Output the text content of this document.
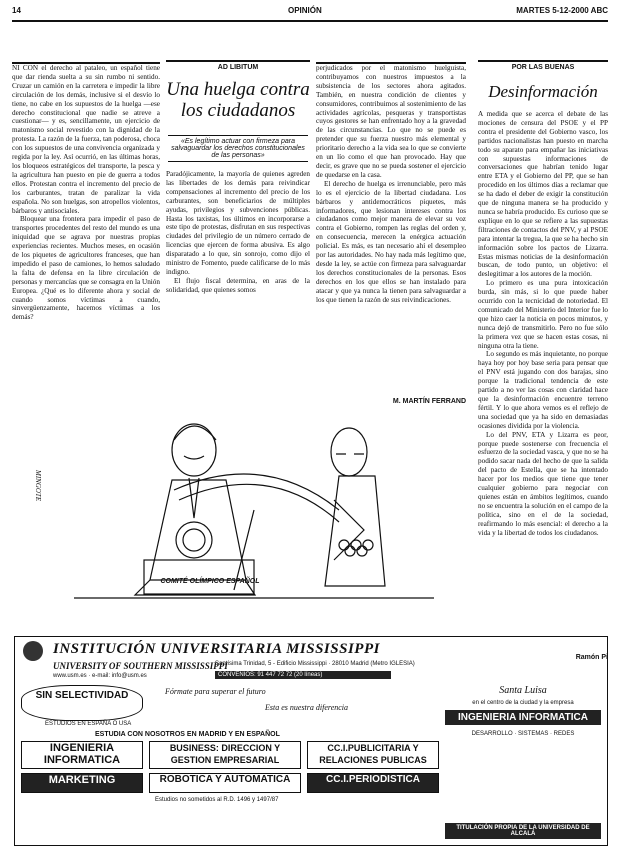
14	OPINIÓN	MARTES 5-12-2000 ABC

NI CON el derecho al pataleo, un español tiene que dar rienda suelta a su sin rumbo ni sentido. Cruzar un camión en la carretera e impedir la libre circulación de los demás, inclusive si el desvío lo tiene, no cabe en los supuestos de la huelga —ese derecho constitucional que nadie se atreve a cuestionar— y es, sencillamente, un ejercicio de matonismo social revestido con la dignidad de la protesta. La razón de la fuerza, tan poderosa, choca con los supuestos de una convivencia organizada y regida por la ley. Así ocurrió, en las últimas horas, los bloqueos estratégicos del transporte, la pesca y la agricultura han puesto en pie de guerra a todos ellos. Protestan contra el incremento del precio de los carburantes, tratan de paralizar la vida española. No son huelgas, son atropellos violentos, bárbaros y antisociales.

Bloquear una frontera para impedir el paso de transportes procedentes del resto del mundo es una iniquidad que se agrava por nuestras propias experiencias recientes. Muchos meses, en ocasión de los piquetes de agricultores franceses, que han impedido el paso de camiones, lo hemos saludado la falta de defensa en la libre circulación de personas y mercancías que se consagra en la Unión Europea. ¿Qué es lo diferente ahora y social de cuando somos víctimas a cuando, sinvergüenzamente, hacemos víctimas a los demás?

AD LIBITUM
Una huelga contra los ciudadanos
«Es legítimo actuar con firmeza para salvaguardar los derechos constitucionales de las personas»

Paradójicamente, la mayoría de quienes agreden las libertades de los demás para reivindicar compensaciones al incremento del precio de los carburantes, son beneficiarios de múltiples ayudas, privilegios y subvenciones públicas. Hasta los taxistas, los últimos en incorporarse a este tipo de protestas, disfrutan en sus respectivas ciudades del privilegio de un número cerrado de licencias que ejercen de forma abusiva. Es algo disparatado a lo que, sin sonrojo, como dijo el ministro de Fomento, puede calificarse de lo más indigno.

El flujo fiscal determina, en aras de la solidaridad, que quienes somos

perjudicados por el matonismo huelguista, contribuyamos con nuestros impuestos a la subsistencia de los sectores ahora agitados. También, en nuestra condición de clientes y consumidores, contribuimos al sostenimiento de las actividades agrícolas, pesqueras y transportistas cuyos gestores se han enfrentado hoy a la gravedad de las circunstancias. Lo que no se puede es pretender que su fuerza nuestro más elemental y prioritario derecho a la vida sea lo que se convierte en un lío como el que han provocado. Hay que decir, es grave que no se pueda sostener el ejercicio de quedarse en la casa.

El derecho de huelga es irrenunciable, pero más lo es el ejercicio de la libertad ciudadana. Los bárbaros y antidemocráticos piquetes, más informadores, que lesionan intereses contra los ciudadanos como mejor manera de elevar su voz contra el Gobierno, rompen las reglas del orden y, en consecuencia, merecen la enérgica actuación policial. Es más, es tan necesario ahí el desempleo por las autoridades. No hay nada más legítimo que, desde la ley, se actúe con firmeza para salvaguardar los derechos constitucionales de la personas. Esos derechos en los que ellos se han instalado para atacar y que ya nunca la tienen para salvaguardar a los que tienen la razón de sus reivindicaciones.

M. MARTÍN FERRAND
POR LAS BUENAS
Desinformación

A medida que se acerca el debate de las mociones de censura del PSOE y el PP contra el presidente del Gobierno vasco, los partidos nacionalistas han puesto en marcha todo su aparato para empañar las iniciativas con supuestas informaciones de conversaciones que habrían tenido lugar entre ETA y el Gobierno del PP, que se han procedido en los últimos días a reclamar que se ha dado el deber de exigir la constitución que de ninguna manera se ha producido y nunca se habría producido. Es curioso que se explique en lo que se refiere a las supuestas filtraciones de contactos del PNV, y al PSOE para intentar la tregua, la que se ha hecho sin información sobre los pactos de Lizarra. Estas mismas noticias de la desinformación buscan, de todo punto, un objetivo: el deslegitimar a los autores de la moción.

Lo primero es una pura intoxicación burda, sin más, si lo que puede haber ocurrido con la tecnicidad de notoriedad. El comunicado del Ministerio del Interior fue lo que hizo caer la noticia en pocos minutos, y nunca dejó de transmitirlo. Pero no fue sólo la primera vez que se hacen estas cosas, ni ninguna otra la tiene.

Lo segundo es más inquietante, no porque haya hoy por hoy base seria para pensar que el PNV está jugando con dos barajas, sino porque la tradicional tendencia de este partido a no ver las cosas con claridad hace que la desinformación encuentre terreno fértil. Y lo que ahora vemos es el reflejo de una sociedad que ya ha sido en demasiadas ocasiones dividida por la violencia.

Lo del PNV, ETA y Lizarra es peor, porque puede sostenerse con frecuencia el esfuerzo de la sociedad vasca, y que no se ha podido sacar nada del hecho de que la salida del pacto de Estella, que se ha intentado hacer por los medios que tiene que tener cualquier gobierno para negociar con quienes están en ámbitos legítimos, cuando no se encuentra la solución en el campo de la política, sino en el de la sociedad, reafirmando lo más esencial: el derecho a la vida y la libertad de todos los ciudadanos.

Ramón Pi
COMITÉ OLÍMPICO ESPAÑOL
MINGOTE
INSTITUCIÓN UNIVERSITARIA MISSISSIPPI
UNIVERSITY OF SOUTHERN MISSISSIPPI
Santísima Trinidad, 5 - Edificio Mississippi · 28010 Madrid (Metro IGLESIA)
CONVENIOS: 91 447 72 72 (20 líneas)
www.usm.es · e-mail: info@usm.es
SIN SELECTIVIDAD
ESTUDIOS EN ESPAÑA O USA
Fórmate para superar el futuro
Esta es nuestra diferencia
ESTUDIA CON NOSOTROS EN MADRID Y EN ESPAÑOL
INGENIERIA INFORMATICA
BUSINESS: DIRECCION Y GESTION EMPRESARIAL
CC.I.PUBLICITARIA Y RELACIONES PUBLICAS
MARKETING	ROBOTICA Y AUTOMATICA	CC.I.PERIODISTICA
Estudios no sometidos al R.D. 1496 y 1497/87
Santa Luisa
en el centro de la ciudad y la empresa
INGENIERIA INFORMATICA
DESARROLLO · SISTEMAS · REDES
TITULACIÓN PROPIA DE LA UNIVERSIDAD DE ALCALÁ
